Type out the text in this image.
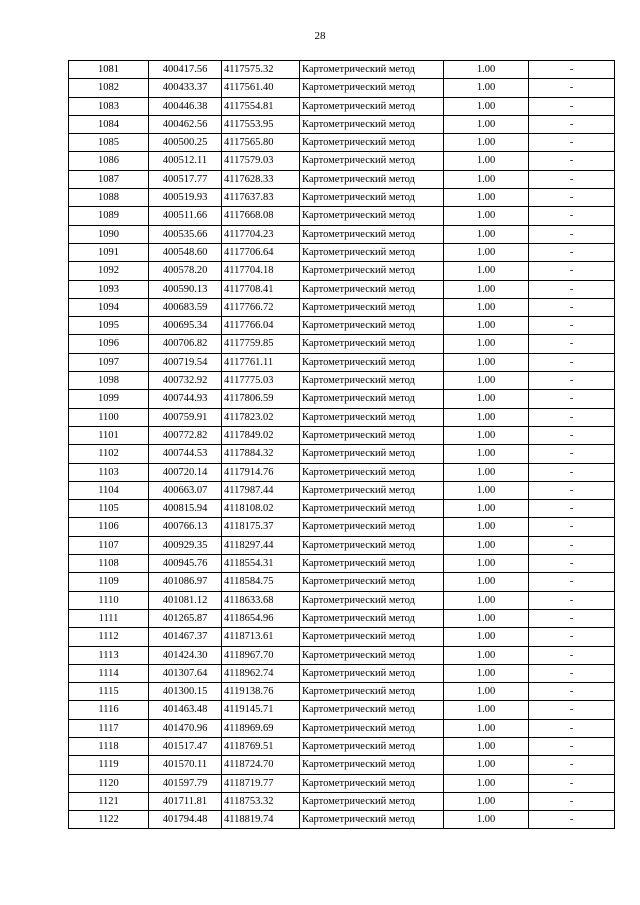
28
1081	400417.56	4117575.32	Картометрический метод	1.00	-
1082	400433.37	4117561.40	Картометрический метод	1.00	-
1083	400446.38	4117554.81	Картометрический метод	1.00	-
1084	400462.56	4117553.95	Картометрический метод	1.00	-
1085	400500.25	4117565.80	Картометрический метод	1.00	-
1086	400512.11	4117579.03	Картометрический метод	1.00	-
1087	400517.77	4117628.33	Картометрический метод	1.00	-
1088	400519.93	4117637.83	Картометрический метод	1.00	-
1089	400511.66	4117668.08	Картометрический метод	1.00	-
1090	400535.66	4117704.23	Картометрический метод	1.00	-
1091	400548.60	4117706.64	Картометрический метод	1.00	-
1092	400578.20	4117704.18	Картометрический метод	1.00	-
1093	400590.13	4117708.41	Картометрический метод	1.00	-
1094	400683.59	4117766.72	Картометрический метод	1.00	-
1095	400695.34	4117766.04	Картометрический метод	1.00	-
1096	400706.82	4117759.85	Картометрический метод	1.00	-
1097	400719.54	4117761.11	Картометрический метод	1.00	-
1098	400732.92	4117775.03	Картометрический метод	1.00	-
1099	400744.93	4117806.59	Картометрический метод	1.00	-
1100	400759.91	4117823.02	Картометрический метод	1.00	-
1101	400772.82	4117849.02	Картометрический метод	1.00	-
1102	400744.53	4117884.32	Картометрический метод	1.00	-
1103	400720.14	4117914.76	Картометрический метод	1.00	-
1104	400663.07	4117987.44	Картометрический метод	1.00	-
1105	400815.94	4118108.02	Картометрический метод	1.00	-
1106	400766.13	4118175.37	Картометрический метод	1.00	-
1107	400929.35	4118297.44	Картометрический метод	1.00	-
1108	400945.76	4118554.31	Картометрический метод	1.00	-
1109	401086.97	4118584.75	Картометрический метод	1.00	-
1110	401081.12	4118633.68	Картометрический метод	1.00	-
1111	401265.87	4118654.96	Картометрический метод	1.00	-
1112	401467.37	4118713.61	Картометрический метод	1.00	-
1113	401424.30	4118967.70	Картометрический метод	1.00	-
1114	401307.64	4118962.74	Картометрический метод	1.00	-
1115	401300.15	4119138.76	Картометрический метод	1.00	-
1116	401463.48	4119145.71	Картометрический метод	1.00	-
1117	401470.96	4118969.69	Картометрический метод	1.00	-
1118	401517.47	4118769.51	Картометрический метод	1.00	-
1119	401570.11	4118724.70	Картометрический метод	1.00	-
1120	401597.79	4118719.77	Картометрический метод	1.00	-
1121	401711.81	4118753.32	Картометрический метод	1.00	-
1122	401794.48	4118819.74	Картометрический метод	1.00	-
